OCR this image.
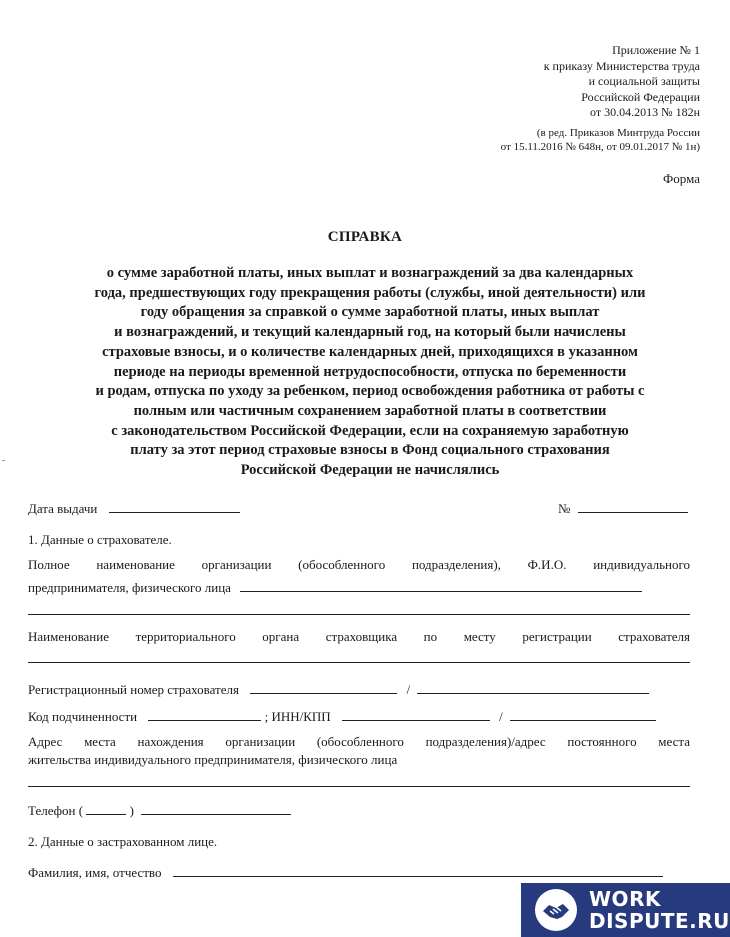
Приложение № 1
к приказу Министерства труда
и социальной защиты
Российской Федерации
от 30.04.2013 № 182н
(в ред. Приказов Минтруда России
от 15.11.2016 № 648н, от 09.01.2017 № 1н)
Форма
СПРАВКА
о сумме заработной платы, иных выплат и вознаграждений за два календарных
года, предшествующих году прекращения работы (службы, иной деятельности) или
году обращения за справкой о сумме заработной платы, иных выплат
и вознаграждений, и текущий календарный год, на который были начислены
страховые взносы, и о количестве календарных дней, приходящихся в указанном
периоде на периоды временной нетрудоспособности, отпуска по беременности
и родам, отпуска по уходу за ребенком, период освобождения работника от работы с
полным или частичным сохранением заработной платы в соответствии
с законодательством Российской Федерации, если на сохраняемую заработную
плату за этот период страховые взносы в Фонд социального страхования
Российской Федерации не начислялись
Дата выдачи	№
1. Данные о страхователе.
Полное наименование организации (обособленного подразделения), Ф.И.О. индивидуального
предпринимателя, физического лица
Наименование территориального органа страховщика по месту регистрации страхователя
Регистрационный номер страхователя	/
Код подчиненности	; ИНН/КПП	/
Адрес места нахождения организации (обособленного подразделения)/адрес постоянного места
жительства индивидуального предпринимателя, физического лица
Телефон (	)
2. Данные о застрахованном лице.
Фамилия, имя, отчество
WORK
DISPUTE.RU
